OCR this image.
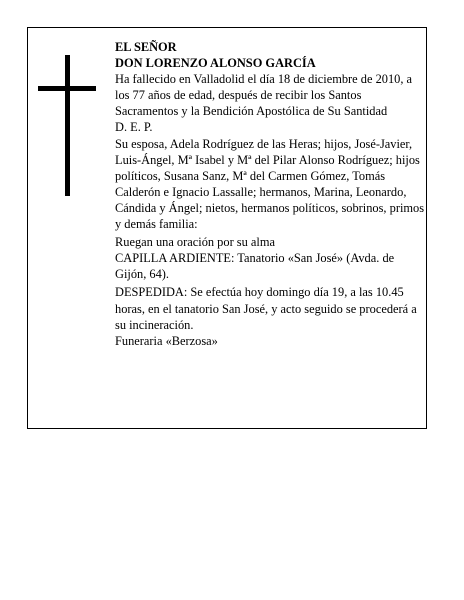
EL SEÑOR

DON LORENZO ALONSO GARCÍA

Ha fallecido en Valladolid el día 18 de diciembre de 2010, a los 77 años de edad, después de recibir los Santos Sacramentos y la Bendición Apostólica de Su Santidad

D. E. P.

Su esposa, Adela Rodríguez de las Heras; hijos, José-Javier, Luis-Ángel, Mª Isabel y Mª del Pilar Alonso Rodríguez; hijos políticos, Susana Sanz, Mª del Carmen Gómez, Tomás Calderón e Ignacio Lassalle; hermanos, Marina, Leonardo, Cándida y Ángel; nietos, hermanos políticos, sobrinos, primos y demás familia:

Ruegan una oración por su alma

CAPILLA ARDIENTE: Tanatorio «San José» (Avda. de Gijón, 64).

DESPEDIDA: Se efectúa hoy domingo día 19, a las 10.45 horas, en el tanatorio San José, y acto seguido se procederá a su incineración.

Funeraria «Berzosa»
